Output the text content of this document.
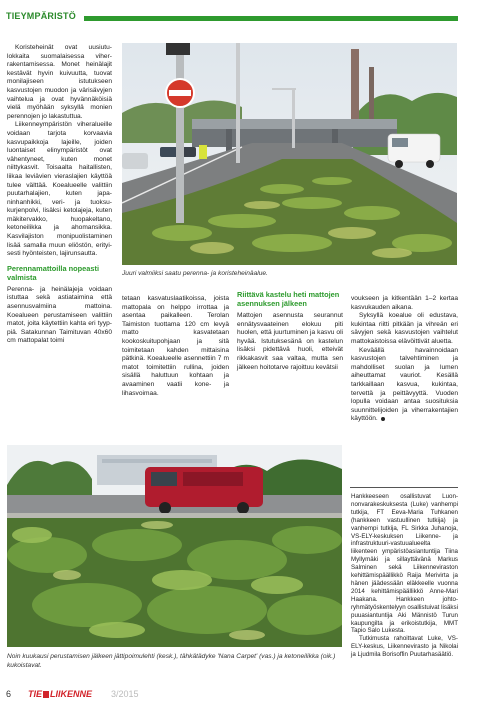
TIEYMPÄRISTÖ

Koristeheinät ovat uusiutulokkaita suomalaisessa viherrakentamisessa. Monet heinälajit kestävät hyvin kuivuutta, tuovat monilajiseen istutukseen kasvustojen muodon ja värisävyjen vaihtelua ja ovat hyvännäköisiä vielä myöhään syksyllä monien perennojen jo lakastuttua.

Liikenneympäristön viheralueille voidaan tarjota korvaavia kasvupaikkoja lajeille, joiden luontaiset elinympäristöt ovat vähentyneet, kuten monet niittykasvit. Toisaalta haitallisten, liikaa leviävien vieraslajien käyttöä tulee välttää. Koealueelle valittiin puutarhalajien, kuten japaninhanhikki, veri- ja tuoksukurjenpolvi, lisäksi ketolajeja, kuten mäkitervakko, huopakeltano, ketoneilikka ja ahomansikka. Kasvilajiston monipuolistaminen lisää samalla muun eliöstön, erityisesti hyönteisten, lajirunsautta.

Perennamattoilla nopeasti valmista

Perenna- ja heinälajeja voidaan istuttaa sekä astiataimina että asennusvalmiina mattoina. Koealueen perustamiseen valittiin matot, joita käytettiin kahta eri tyyppiä. Satakunnan Taimituvan 40x60 cm mattopalat toimi

Juuri valmiiksi saatu perenna- ja koristeheinäalue.

tetaan kasvatuslaatikoissa, joista mattopala on helppo irrottaa ja asentaa paikalleen. Terolan Taimiston tuottama 120 cm levyä matto kasvatetaan kookoskuitupohjaan ja sitä toimitetaan kahden mittaisina pätkinä. Koealueelle asennettiin 7 m matot toimitettiin rullina, joiden sisällä haluttuun kohtaan ja avaaminen vaatii kone- ja lihasvoimaa.

Riittävä kastelu heti mattojen asennuksen jälkeen

Mattojen asennusta seurannut ennätysvaateinen elokuu piti huolen, että juurtuminen ja kasvu oli hyvää. Istutuksesänä on kastelun lisäksi pidettävä huoli, etteivät rikkakasvit saa valtaa, mutta sen jälkeen hoitotarve rajoittuu kevätsii

voukseen ja kitkentään 1–2 kertaa kasvukauden aikana.

Syksyllä koealue oli edustava, kukintaa riitti pitkään ja vihreän eri sävyjen sekä kasvustojen vaihtelut mattokaistoissa elävöittivät aluetta.

Keväällä havainnoidaan kasvustojen talvehtiminen ja mahdolliset suolan ja lumen aiheuttamat vauriot. Kesällä tarkkaillaan kasvua, kukintaa, tervettä ja peittävyyttä. Vuoden lopulla voidaan antaa suosituksia suunnittelijoiden ja viherrakentajien käyttöön.

Noin kuukausi perustamisen jälkeen jättipoimulehti (kesk.), tähkätädyke 'Nana Carpet' (vas.) ja ketoneilikka (oik.) kukoistavat.

Hankkeeseen osallistuvat Luonnonvarakeskuksesta (Luke) vanhempi tutkija, FT Eeva-Maria Tuhkanen (hankkeen vastuullinen tutkija) ja vanhempi tutkija, FL Sirkka Juhanoja, VS-ELY-keskuksen Liikenne- ja infrastruktuuri-vastuualueelta liikenteen ympäristöasiantuntija Tiina Myllymäki ja sillayttävänä Markus Salminen sekä Liikenneviraston kehittämispäällikkö Raija Merivirta ja hänen jäädessään eläkkeelle vuonna 2014 kehittämispäällikkö Anne-Mari Haakana. Hankkeen johtoryhmätyöskentelyyn osallistuivat lisäksi puuasiantuntija Aki Männistö Turun kaupungilta ja erikoistutkija, MMT Tapio Salo Lukesta.

Tutkimusta rahoittavat Luke, VS-ELY-keskus, Liikennevirasto ja Nikolai ja Ljudmila Borisoffin Puutarhasäätiö.

6 TIE LIIKENNE 3/2015
